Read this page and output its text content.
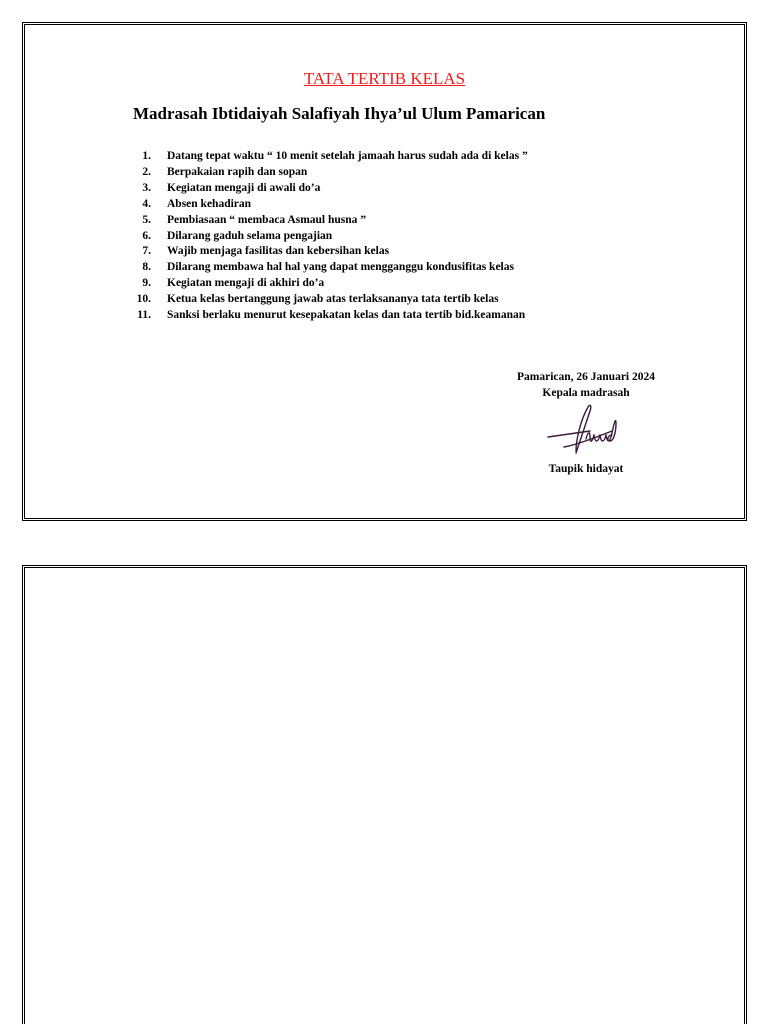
TATA TERTIB KELAS
Madrasah Ibtidaiyah Salafiyah Ihya’ul Ulum Pamarican
1.	Datang tepat waktu “ 10 menit setelah jamaah harus sudah ada di kelas ”
2.	Berpakaian rapih dan sopan
3.	Kegiatan mengaji di awali do’a
4.	Absen kehadiran
5.	Pembiasaan “ membaca Asmaul husna ”
6.	Dilarang gaduh selama pengajian
7.	Wajib menjaga fasilitas dan kebersihan kelas
8.	Dilarang membawa hal hal yang dapat mengganggu kondusifitas kelas
9.	Kegiatan mengaji di akhiri do’a
10.	Ketua kelas bertanggung jawab atas terlaksananya tata tertib kelas
11.	Sanksi berlaku menurut kesepakatan kelas dan tata tertib bid.keamanan
Pamarican, 26 Januari 2024
Kepala madrasah
Taupik hidayat
